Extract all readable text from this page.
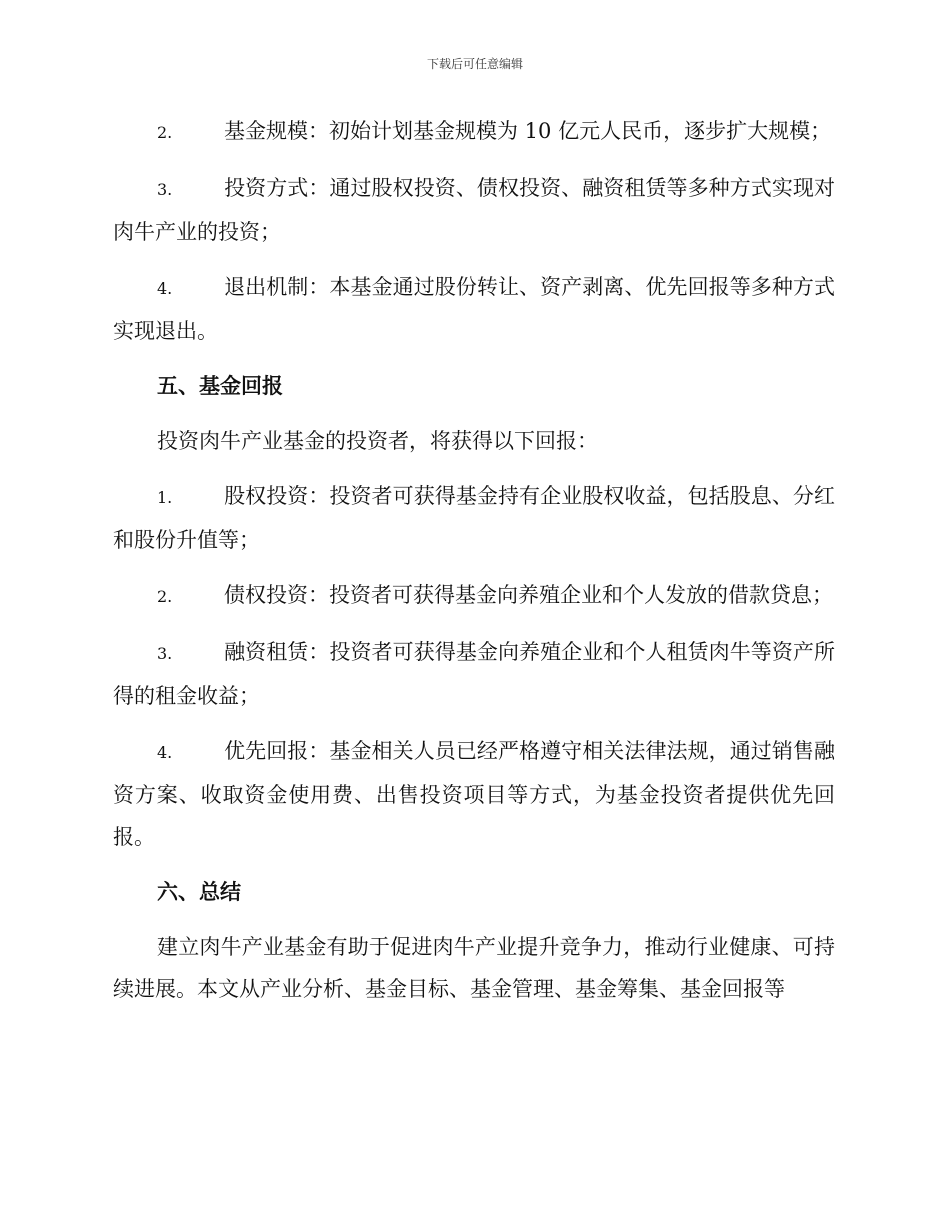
下载后可任意编辑

2. 基金规模：初始计划基金规模为 10 亿元人民币，逐步扩大规模；

3. 投资方式：通过股权投资、债权投资、融资租赁等多种方式实现对肉牛产业的投资；

4. 退出机制：本基金通过股份转让、资产剥离、优先回报等多种方式实现退出。

五、基金回报

投资肉牛产业基金的投资者，将获得以下回报：

1. 股权投资：投资者可获得基金持有企业股权收益，包括股息、分红和股份升值等；

2. 债权投资：投资者可获得基金向养殖企业和个人发放的借款贷息；

3. 融资租赁：投资者可获得基金向养殖企业和个人租赁肉牛等资产所得的租金收益；

4. 优先回报：基金相关人员已经严格遵守相关法律法规，通过销售融资方案、收取资金使用费、出售投资项目等方式，为基金投资者提供优先回报。

六、总结

建立肉牛产业基金有助于促进肉牛产业提升竞争力，推动行业健康、可持续进展。本文从产业分析、基金目标、基金管理、基金筹集、基金回报等
